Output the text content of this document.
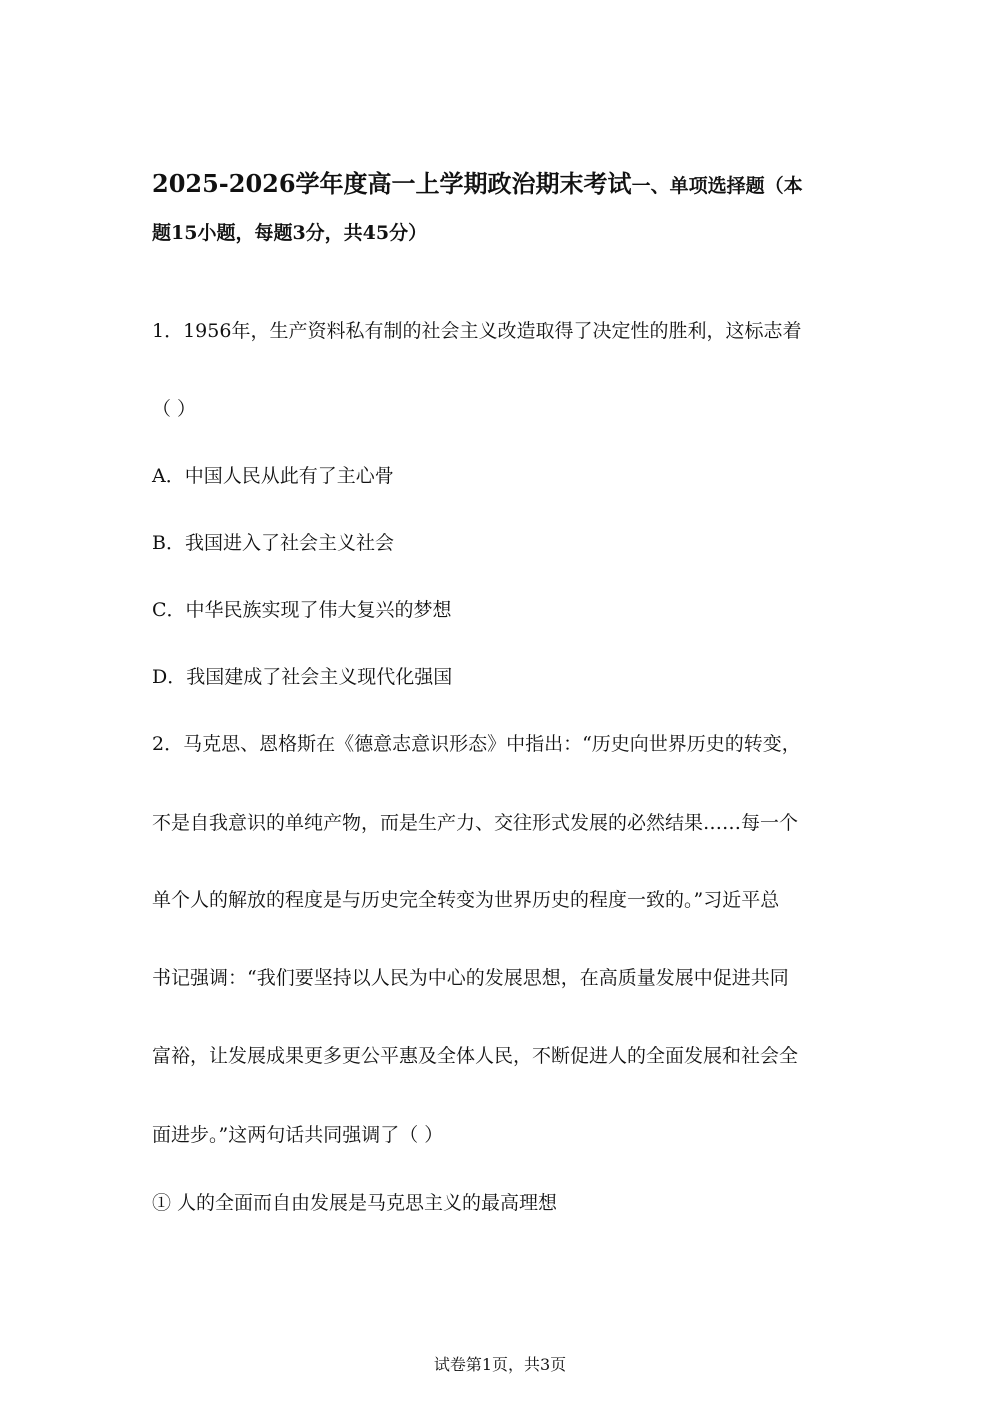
2025-2026学年度高一上学期政治期末考试一、单项选择题（本
题15小题，每题3分，共45分）
1．1956年，生产资料私有制的社会主义改造取得了决定性的胜利，这标志着
（ ）
A．中国人民从此有了主心骨
B．我国进入了社会主义社会
C．中华民族实现了伟大复兴的梦想
D．我国建成了社会主义现代化强国
2．马克思、恩格斯在《德意志意识形态》中指出：“历史向世界历史的转变，
不是自我意识的单纯产物，而是生产力、交往形式发展的必然结果……每一个
单个人的解放的程度是与历史完全转变为世界历史的程度一致的。”习近平总
书记强调：“我们要坚持以人民为中心的发展思想，在高质量发展中促进共同
富裕，让发展成果更多更公平惠及全体人民，不断促进人的全面发展和社会全
面进步。”这两句话共同强调了（ ）
① 人的全面而自由发展是马克思主义的最高理想
试卷第1页，共3页
